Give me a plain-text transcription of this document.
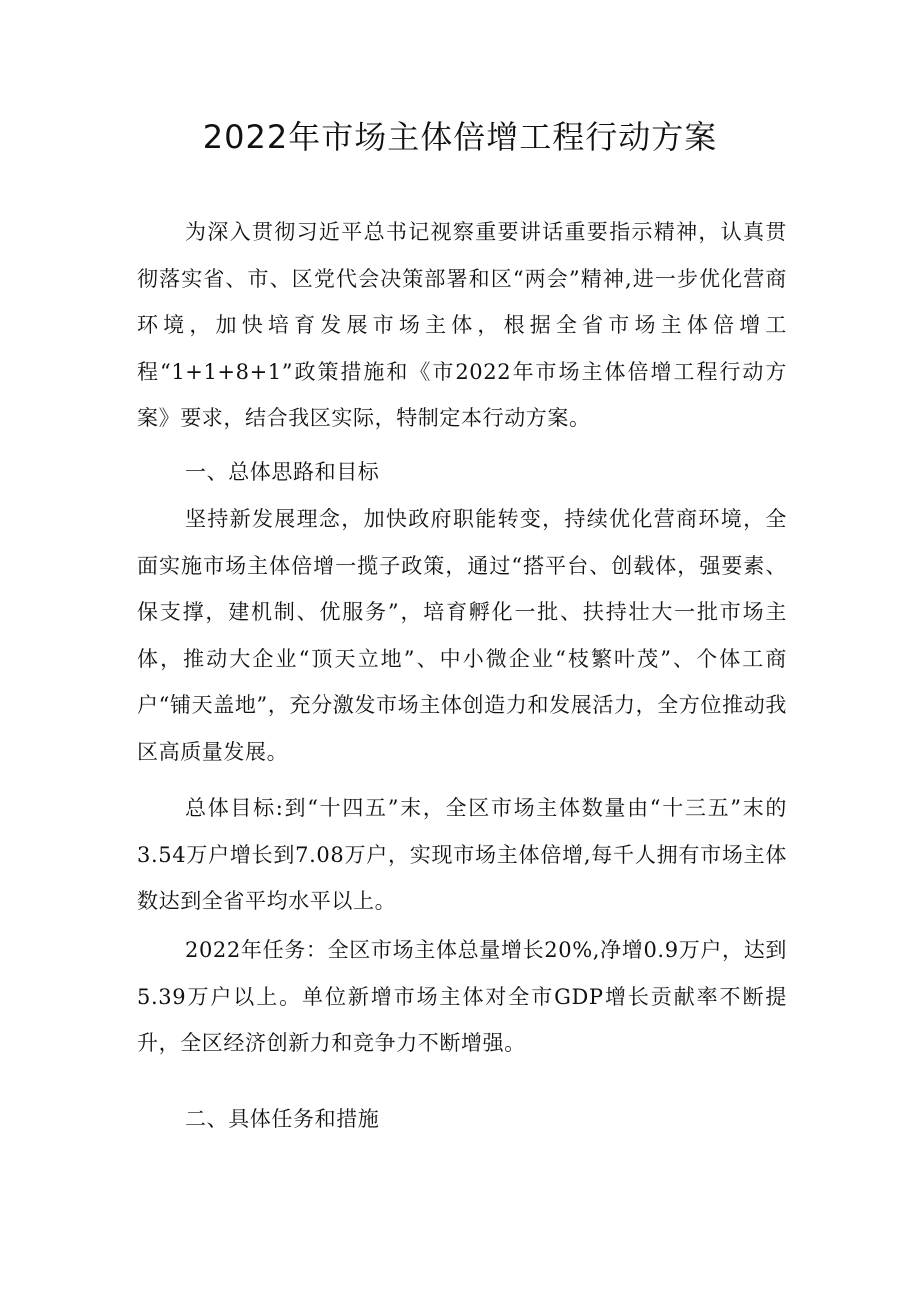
2022年市场主体倍增工程行动方案

为深入贯彻习近平总书记视察重要讲话重要指示精神，认真贯彻落实省、市、区党代会决策部署和区“两会”精神,进一步优化营商环境，加快培育发展市场主体，根据全省市场主体倍增工程“1+1+8+1”政策措施和《市2022年市场主体倍增工程行动方案》要求，结合我区实际，特制定本行动方案。

一、总体思路和目标

坚持新发展理念，加快政府职能转变，持续优化营商环境，全面实施市场主体倍增一揽子政策，通过“搭平台、创载体，强要素、保支撑，建机制、优服务”，培育孵化一批、扶持壮大一批市场主体，推动大企业“顶天立地”、中小微企业“枝繁叶茂”、个体工商户“铺天盖地”，充分激发市场主体创造力和发展活力，全方位推动我区高质量发展。

总体目标:到“十四五”末，全区市场主体数量由“十三五”末的3.54万户增长到7.08万户，实现市场主体倍增,每千人拥有市场主体数达到全省平均水平以上。

2022年任务：全区市场主体总量增长20%,净增0.9万户，达到5.39万户以上。单位新增市场主体对全市GDP增长贡献率不断提升，全区经济创新力和竞争力不断增强。

二、具体任务和措施
